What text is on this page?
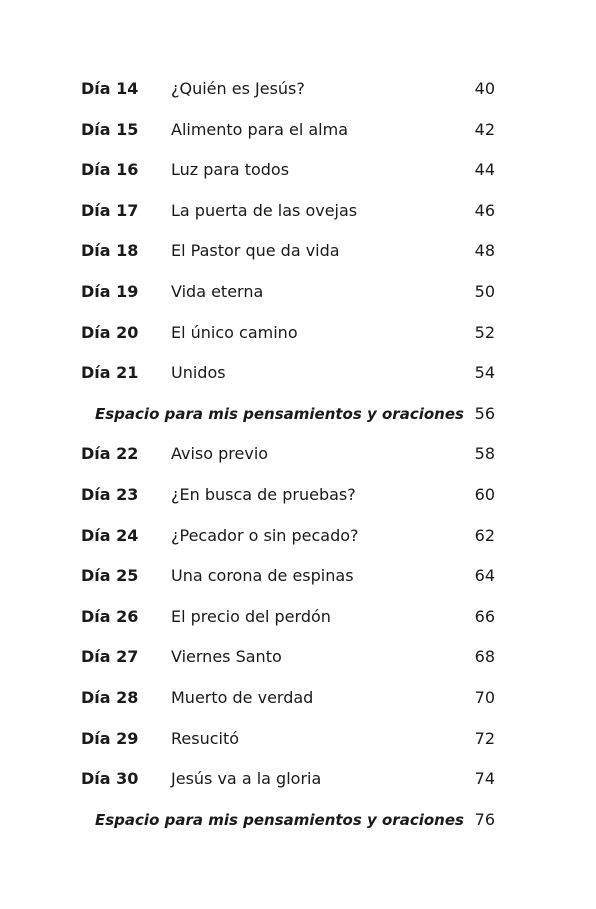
Día 14 ¿Quién es Jesús?	40
Día 15 Alimento para el alma	42
Día 16 Luz para todos	44
Día 17 La puerta de las ovejas	46
Día 18 El Pastor que da vida	48
Día 19 Vida eterna	50
Día 20 El único camino	52
Día 21 Unidos	54
Espacio para mis pensamientos y oraciones 56
Día 22 Aviso previo	58
Día 23 ¿En busca de pruebas?	60
Día 24 ¿Pecador o sin pecado?	62
Día 25 Una corona de espinas	64
Día 26 El precio del perdón	66
Día 27 Viernes Santo	68
Día 28 Muerto de verdad	70
Día 29 Resucitó	72
Día 30 Jesús va a la gloria	74
Espacio para mis pensamientos y oraciones 76
